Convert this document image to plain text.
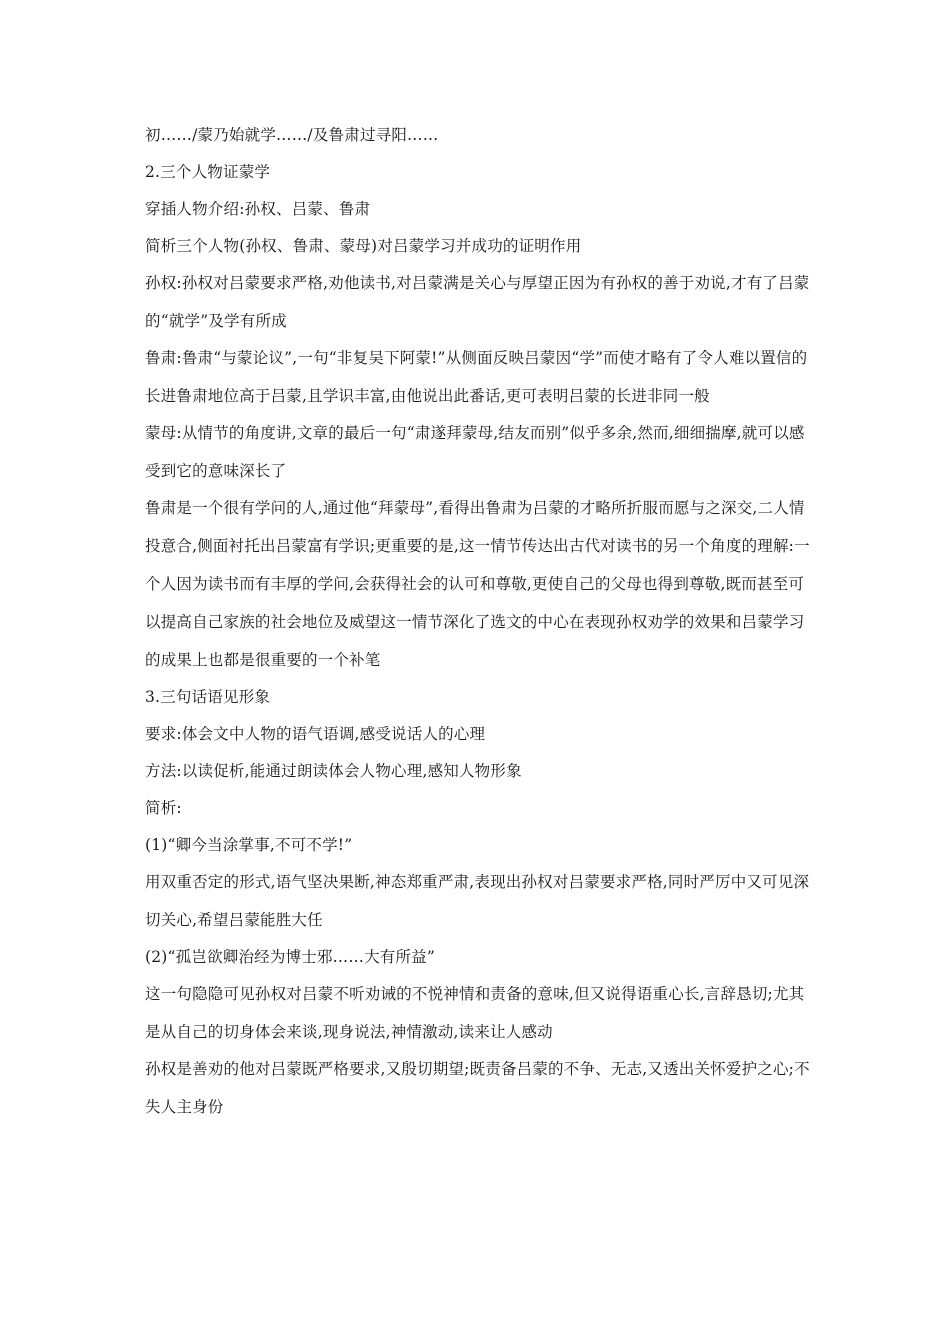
初……/蒙乃始就学……/及鲁肃过寻阳……

2.三个人物证蒙学

穿插人物介绍:孙权、吕蒙、鲁肃

简析三个人物(孙权、鲁肃、蒙母)对吕蒙学习并成功的证明作用

孙权:孙权对吕蒙要求严格,劝他读书,对吕蒙满是关心与厚望正因为有孙权的善于劝说,才有了吕蒙的“就学”及学有所成

鲁肃:鲁肃“与蒙论议”,一句“非复吴下阿蒙!”从侧面反映吕蒙因“学”而使才略有了令人难以置信的长进鲁肃地位高于吕蒙,且学识丰富,由他说出此番话,更可表明吕蒙的长进非同一般

蒙母:从情节的角度讲,文章的最后一句“肃遂拜蒙母,结友而别”似乎多余,然而,细细揣摩,就可以感受到它的意味深长了

鲁肃是一个很有学问的人,通过他“拜蒙母”,看得出鲁肃为吕蒙的才略所折服而愿与之深交,二人情投意合,侧面衬托出吕蒙富有学识;更重要的是,这一情节传达出古代对读书的另一个角度的理解:一个人因为读书而有丰厚的学问,会获得社会的认可和尊敬,更使自己的父母也得到尊敬,既而甚至可以提高自己家族的社会地位及威望这一情节深化了选文的中心在表现孙权劝学的效果和吕蒙学习的成果上也都是很重要的一个补笔

3.三句话语见形象

要求:体会文中人物的语气语调,感受说话人的心理

方法:以读促析,能通过朗读体会人物心理,感知人物形象

简析:

(1)“卿今当涂掌事,不可不学!”

用双重否定的形式,语气坚决果断,神态郑重严肃,表现出孙权对吕蒙要求严格,同时严厉中又可见深切关心,希望吕蒙能胜大任

(2)“孤岂欲卿治经为博士邪……大有所益”

这一句隐隐可见孙权对吕蒙不听劝诫的不悦神情和责备的意味,但又说得语重心长,言辞恳切;尤其是从自己的切身体会来谈,现身说法,神情激动,读来让人感动

孙权是善劝的他对吕蒙既严格要求,又殷切期望;既责备吕蒙的不争、无志,又透出关怀爱护之心;不失人主身份
